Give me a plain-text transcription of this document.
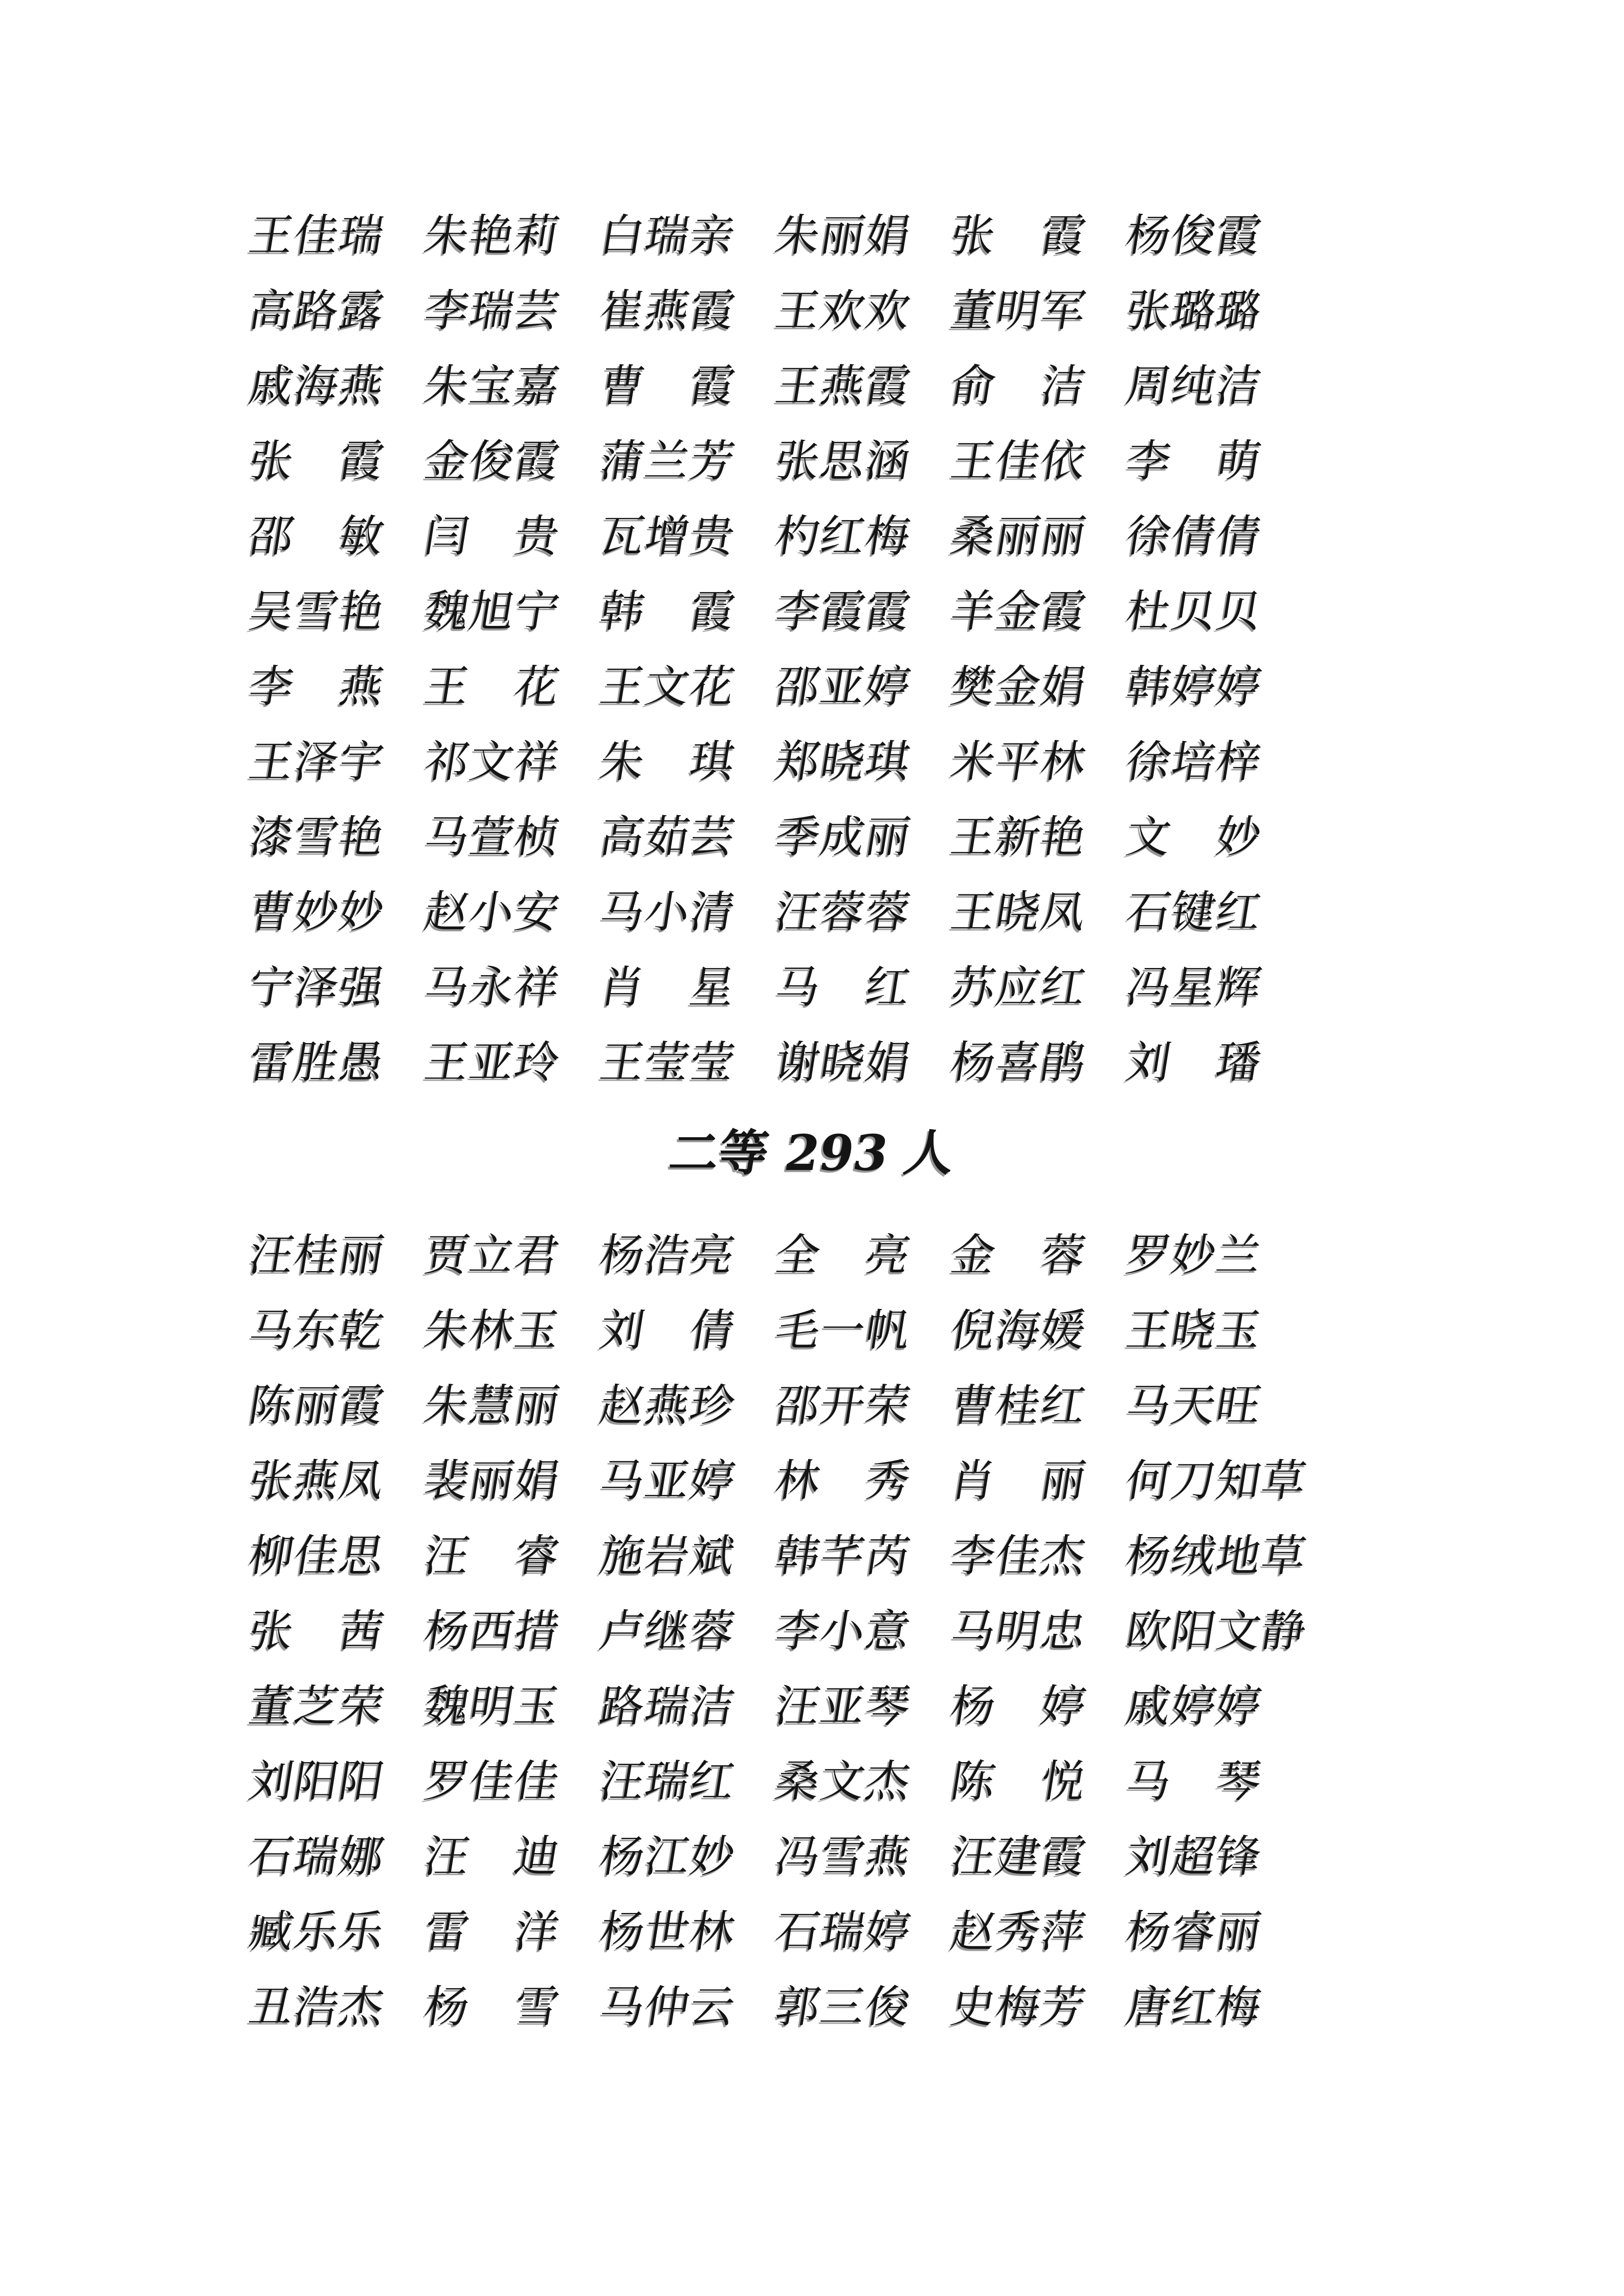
王佳瑞 朱艳莉 白瑞亲 朱丽娟 张　霞 杨俊霞
高路露 李瑞芸 崔燕霞 王欢欢 董明军 张璐璐
戚海燕 朱宝嘉 曹　霞 王燕霞 俞　洁 周纯洁
张　霞 金俊霞 蒲兰芳 张思涵 王佳依 李　萌
邵　敏 闫　贵 瓦增贵 杓红梅 桑丽丽 徐倩倩
吴雪艳 魏旭宁 韩　霞 李霞霞 羊金霞 杜贝贝
李　燕 王　花 王文花 邵亚婷 樊金娟 韩婷婷
王泽宇 祁文祥 朱　琪 郑晓琪 米平林 徐培梓
漆雪艳 马萱桢 高茹芸 季成丽 王新艳 文　妙
曹妙妙 赵小安 马小清 汪蓉蓉 王晓凤 石键红
宁泽强 马永祥 肖　星 马　红 苏应红 冯星辉
雷胜愚 王亚玲 王莹莹 谢晓娟 杨喜鹃 刘　璠
二等 293 人
汪桂丽 贾立君 杨浩亮 全　亮 金　蓉 罗妙兰
马东乾 朱林玉 刘　倩 毛一帆 倪海媛 王晓玉
陈丽霞 朱慧丽 赵燕珍 邵开荣 曹桂红 马天旺
张燕凤 裴丽娟 马亚婷 林　秀 肖　丽 何刀知草
柳佳思 汪　睿 施岩斌 韩芊芮 李佳杰 杨绒地草
张　茜 杨西措 卢继蓉 李小意 马明忠 欧阳文静
董芝荣 魏明玉 路瑞洁 汪亚琴 杨　婷 戚婷婷
刘阳阳 罗佳佳 汪瑞红 桑文杰 陈　悦 马　琴
石瑞娜 汪　迪 杨江妙 冯雪燕 汪建霞 刘超锋
臧乐乐 雷　洋 杨世林 石瑞婷 赵秀萍 杨睿丽
丑浩杰 杨　雪 马仲云 郭三俊 史梅芳 唐红梅
